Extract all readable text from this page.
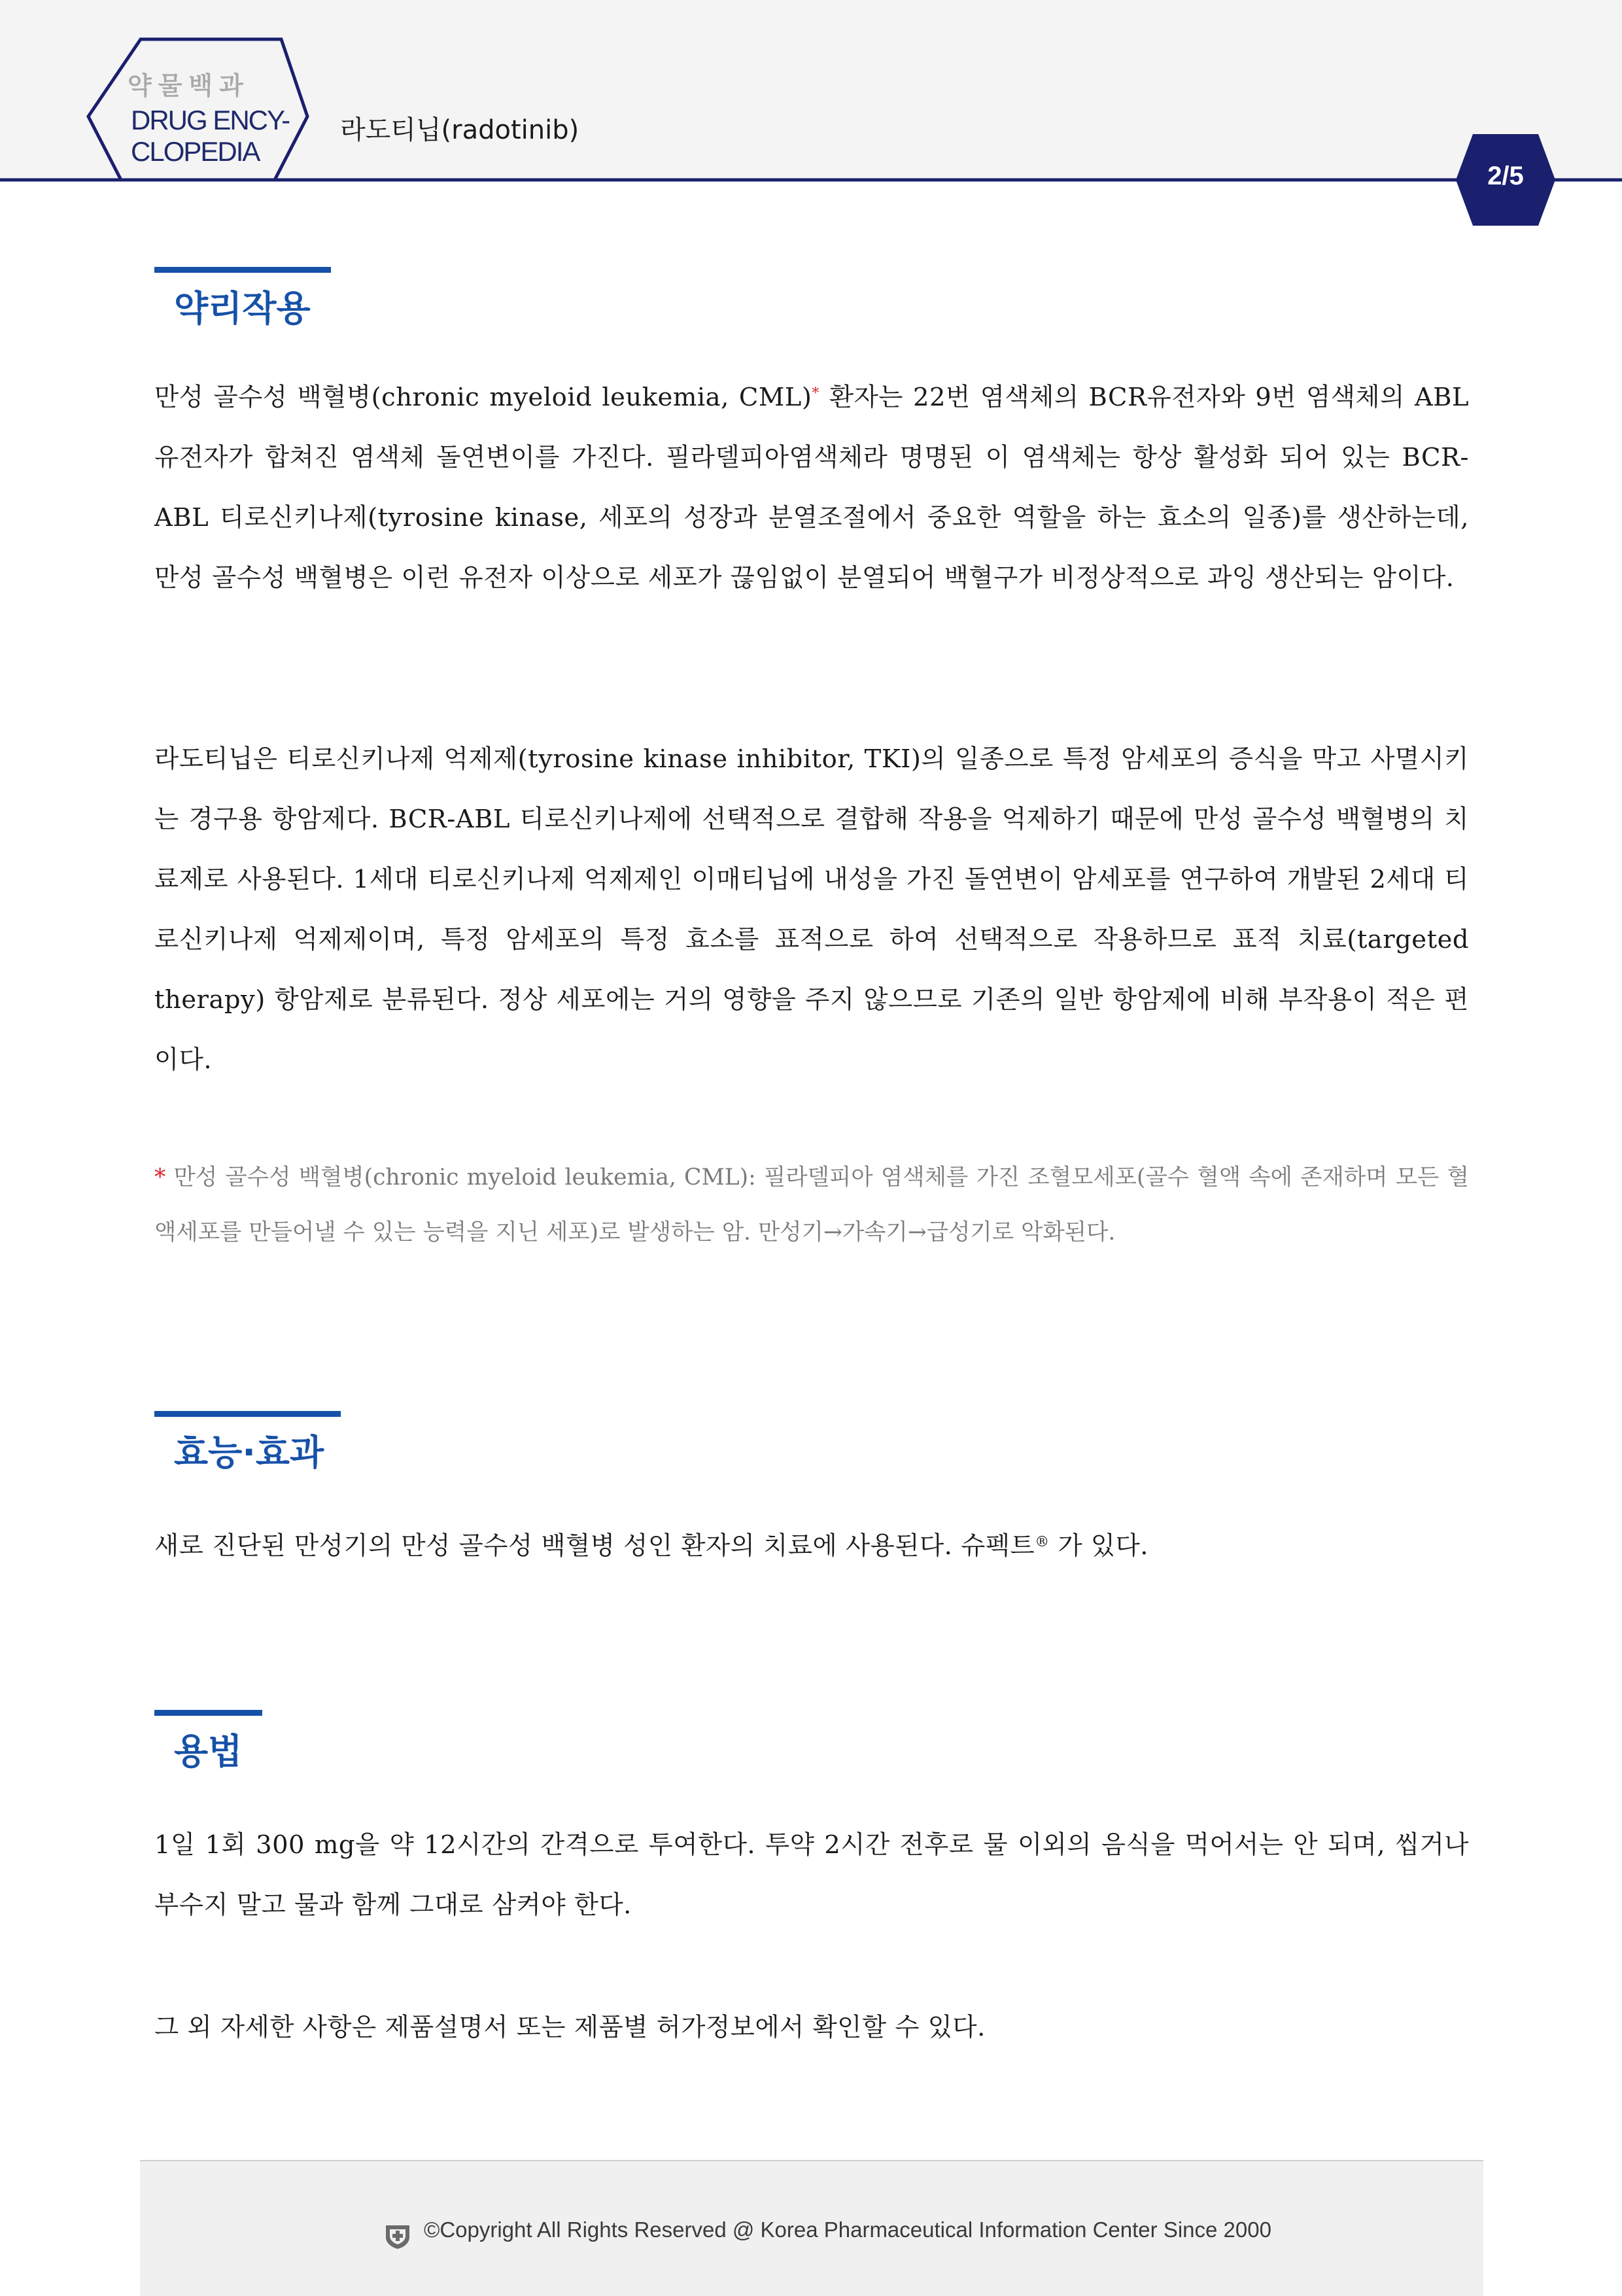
약물백과
DRUG ENCY-
CLOPEDIA
라도티닙(radotinib)
2/5
약리작용

만성 골수성 백혈병(chronic myeloid leukemia, CML)* 환자는 22번 염색체의 BCR유전자와 9번 염색체의 ABL유전자가 합쳐진 염색체 돌연변이를 가진다. 필라델피아염색체라 명명된 이 염색체는 항상 활성화 되어 있는 BCR-ABL 티로신키나제(tyrosine kinase, 세포의 성장과 분열조절에서 중요한 역할을 하는 효소의 일종)를 생산하는데, 만성 골수성 백혈병은 이런 유전자 이상으로 세포가 끊임없이 분열되어 백혈구가 비정상적으로 과잉 생산되는 암이다.

라도티닙은 티로신키나제 억제제(tyrosine kinase inhibitor, TKI)의 일종으로 특정 암세포의 증식을 막고 사멸시키는 경구용 항암제다. BCR-ABL 티로신키나제에 선택적으로 결합해 작용을 억제하기 때문에 만성 골수성 백혈병의 치료제로 사용된다. 1세대 티로신키나제 억제제인 이매티닙에 내성을 가진 돌연변이 암세포를 연구하여 개발된 2세대 티로신키나제 억제제이며, 특정 암세포의 특정 효소를 표적으로 하여 선택적으로 작용하므로 표적 치료(targeted therapy) 항암제로 분류된다. 정상 세포에는 거의 영향을 주지 않으므로 기존의 일반 항암제에 비해 부작용이 적은 편이다.

* 만성 골수성 백혈병(chronic myeloid leukemia, CML): 필라델피아 염색체를 가진 조혈모세포(골수 혈액 속에 존재하며 모든 혈액세포를 만들어낼 수 있는 능력을 지닌 세포)로 발생하는 암. 만성기→가속기→급성기로 악화된다.

효능·효과

새로 진단된 만성기의 만성 골수성 백혈병 성인 환자의 치료에 사용된다. 슈펙트® 가 있다.

용법

1일 1회 300 mg을 약 12시간의 간격으로 투여한다. 투약 2시간 전후로 물 이외의 음식을 먹어서는 안 되며, 씹거나 부수지 말고 물과 함께 그대로 삼켜야 한다.

그 외 자세한 사항은 제품설명서 또는 제품별 허가정보에서 확인할 수 있다.

©Copyright All Rights Reserved @ Korea Pharmaceutical Information Center Since 2000
